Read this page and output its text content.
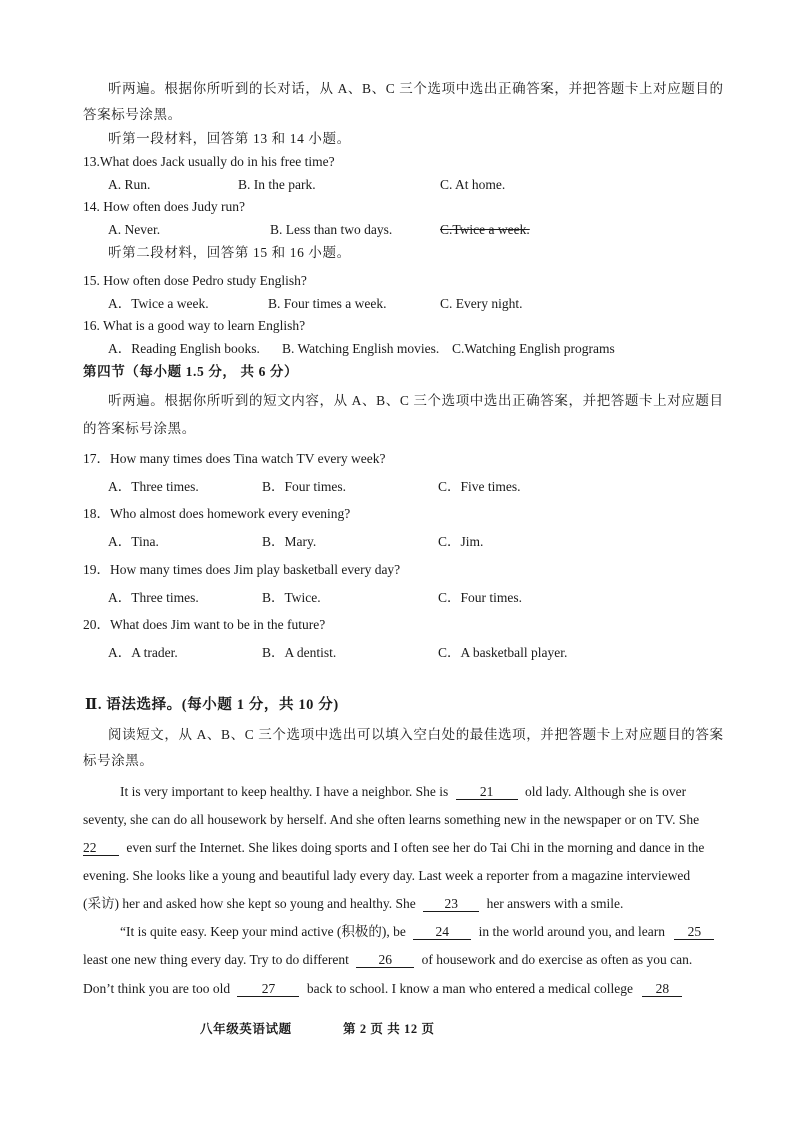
听两遍。根据你所听到的长对话，从 A、B、C 三个选项中选出正确答案，并把答题卡上对应题目的
答案标号涂黑。
听第一段材料，回答第 13 和 14 小题。
13.What does Jack usually do in his free time?
A. Run.	B. In the park.	C. At home.
14. How often does Judy run?
A. Never.	B. Less than two days.	C.Twice a week.
听第二段材料，回答第 15 和 16 小题。
15. How often dose Pedro study English?
A．Twice a week.	B. Four times a week.	C. Every night.
16. What is a good way to learn English?
A．Reading English books. B. Watching English movies. C.Watching English programs
第四节（每小题 1.5 分， 共 6 分）
听两遍。根据你所听到的短文内容，从 A、B、C 三个选项中选出正确答案，并把答题卡上对应题目
的答案标号涂黑。
17．How many times does Tina watch TV every week?
A．Three times.	B．Four times.	C．Five times.
18．Who almost does homework every evening?
A．Tina.	B．Mary.	C．Jim.
19．How many times does Jim play basketball every day?
A．Three times.	B．Twice.	C．Four times.
20．What does Jim want to be in the future?
A．A trader.	B．A dentist.	C．A basketball player.
Ⅱ. 语法选择。(每小题 1 分，共 10 分)
阅读短文，从 A、B、C 三个选项中选出可以填入空白处的最佳选项，并把答题卡上对应题目的答案
标号涂黑。
It is very important to keep healthy. I have a neighbor. She is 21 old lady. Although she is over
seventy, she can do all housework by herself. And she often learns something new in the newspaper or on TV. She
22 even surf the Internet. She likes doing sports and I often see her do Tai Chi in the morning and dance in the
evening. She looks like a young and beautiful lady every day. Last week a reporter from a magazine interviewed
(采访) her and asked how she kept so young and healthy. She 23 her answers with a smile.
“It is quite easy. Keep your mind active (积极的), be 24 in the world around you, and learn 25
least one new thing every day. Try to do different 26 of housework and do exercise as often as you can.
Don’t think you are too old 27 back to school. I know a man who entered a medical college 28
八年级英语试题	第 2 页 共 12 页
